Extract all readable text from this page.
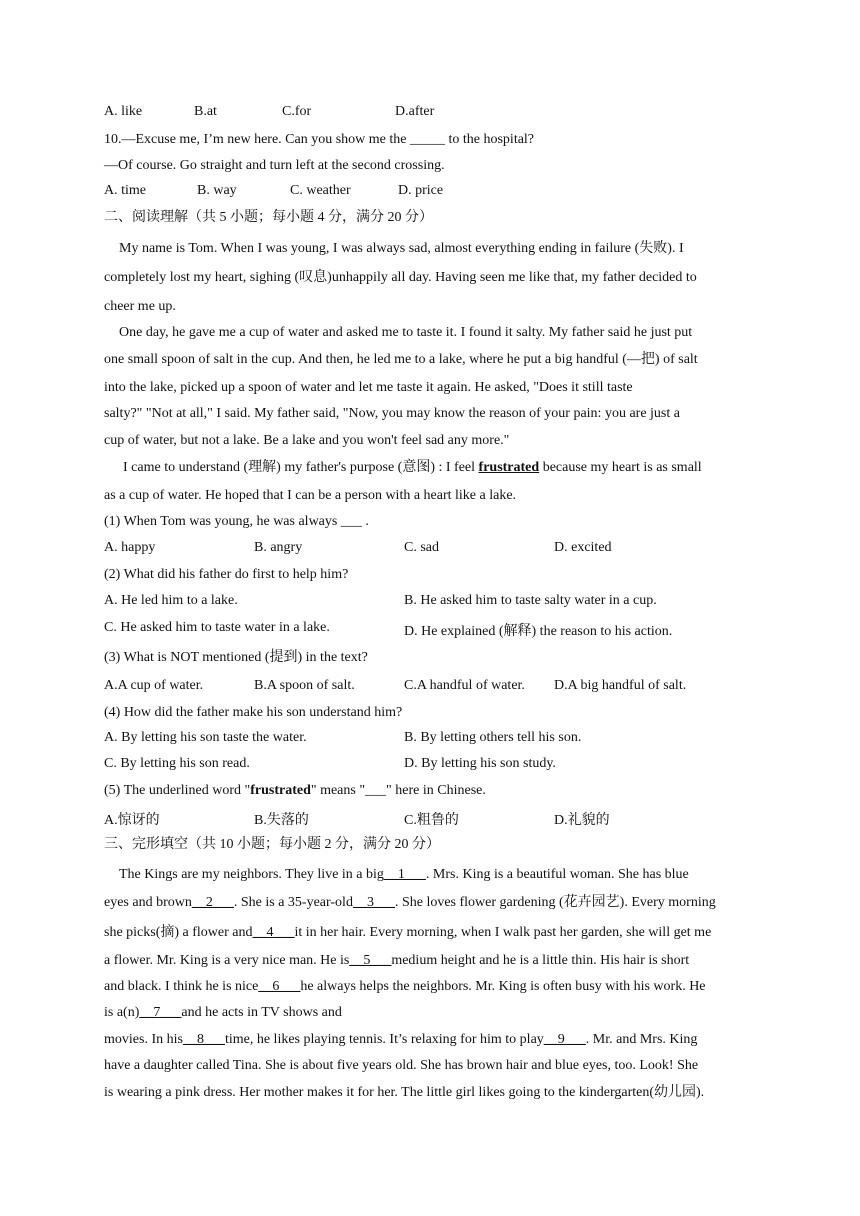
A. like	B.at	C.for	D.after
10.—Excuse me, I’m new here. Can you show me the _____ to the hospital?
—Of course. Go straight and turn left at the second crossing.
A. time	B. way	C. weather	D. price
二、阅读理解（共 5 小题；每小题 4 分，满分 20 分）
My name is Tom. When I was young, I was always sad, almost everything ending in failure (失败). I
completely lost my heart, sighing (叹息)unhappily all day. Having seen me like that, my father decided to
cheer me up.
One day, he gave me a cup of water and asked me to taste it. I found it salty. My father said he just put
one small spoon of salt in the cup. And then, he led me to a lake, where he put a big handful (—把) of salt
into the lake, picked up a spoon of water and let me taste it again. He asked, "Does it still taste
salty?" "Not at all," I said. My father said, "Now, you may know the reason of your pain: you are just a
cup of water, but not a lake. Be a lake and you won't feel sad any more."
I came to understand (理解) my father's purpose (意图) : I feel frustrated because my heart is as small
as a cup of water. He hoped that I can be a person with a heart like a lake.
(1) When Tom was young, he was always ___ .
A. happy	B. angry	C. sad	D. excited
(2) What did his father do first to help him?
A. He led him to a lake.	B. He asked him to taste salty water in a cup.
C. He asked him to taste water in a lake.	D. He explained (解释) the reason to his action.
(3) What is NOT mentioned (提到) in the text?
A.A cup of water.	B.A spoon of salt.	C.A handful of water. D.A big handful of salt.
(4) How did the father make his son understand him?
A. By letting his son taste the water.	B. By letting others tell his son.
C. By letting his son read.	D. By letting his son study.
(5) The underlined word "frustrated" means "___" here in Chinese.
A.惊讶的	B.失落的	C.粗鲁的	D.礼貌的
三、完形填空（共 10 小题；每小题 2 分，满分 20 分）
The Kings are my neighbors. They live in a big__1___. Mrs. King is a beautiful woman. She has blue
eyes and brown__2___. She is a 35-year-old__3___. She loves flower gardening (花卉园艺). Every morning
she picks(摘) a flower and__4___it in her hair. Every morning, when I walk past her garden, she will get me
a flower. Mr. King is a very nice man. He is__5___medium height and he is a little thin. His hair is short
and black. I think he is nice__6___he always helps the neighbors. Mr. King is often busy with his work. He
is a(n)__7___and he acts in TV shows and
movies. In his__8___time, he likes playing tennis. It’s relaxing for him to play__9___. Mr. and Mrs. King
have a daughter called Tina. She is about five years old. She has brown hair and blue eyes, too. Look! She
is wearing a pink dress. Her mother makes it for her. The little girl likes going to the kindergarten(幼儿园).
